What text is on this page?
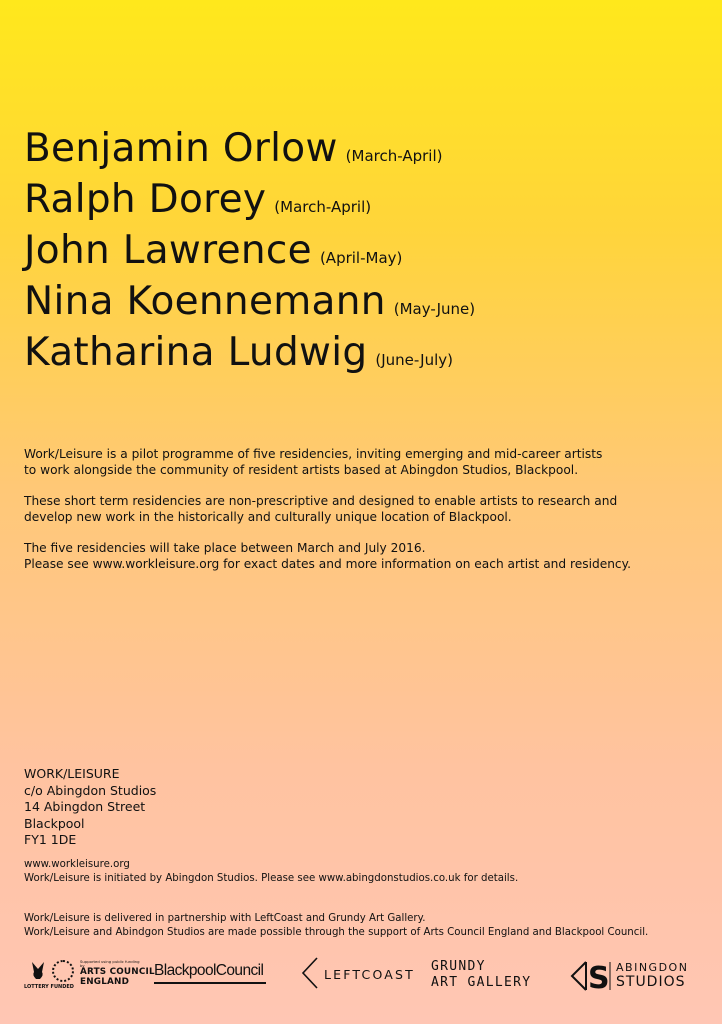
Benjamin Orlow (March-April)
Ralph Dorey (March-April)
John Lawrence (April-May)
Nina Koennemann (May-June)
Katharina Ludwig (June-July)

Work/Leisure is a pilot programme of five residencies, inviting emerging and mid-career artists
to work alongside the community of resident artists based at Abingdon Studios, Blackpool.

These short term residencies are non-prescriptive and designed to enable artists to research and
develop new work in the historically and culturally unique location of Blackpool.

The five residencies will take place between March and July 2016.
Please see www.workleisure.org for exact dates and more information on each artist and residency.

WORK/LEISURE
c/o Abingdon Studios
14 Abingdon Street
Blackpool
FY1 1DE
www.workleisure.org
Work/Leisure is initiated by Abingdon Studios. Please see www.abingdonstudios.co.uk for details.
Work/Leisure is delivered in partnership with LeftCoast and Grundy Art Gallery.
Work/Leisure and Abindgon Studios are made possible through the support of Arts Council England and Blackpool Council.
LOTTERY FUNDED
Supported using public funding by
ARTS COUNCIL
ENGLAND
BlackpoolCouncil	LEFTCOAST
GRUNDY
ART GALLERY S ABINGDON
STUDIOS
